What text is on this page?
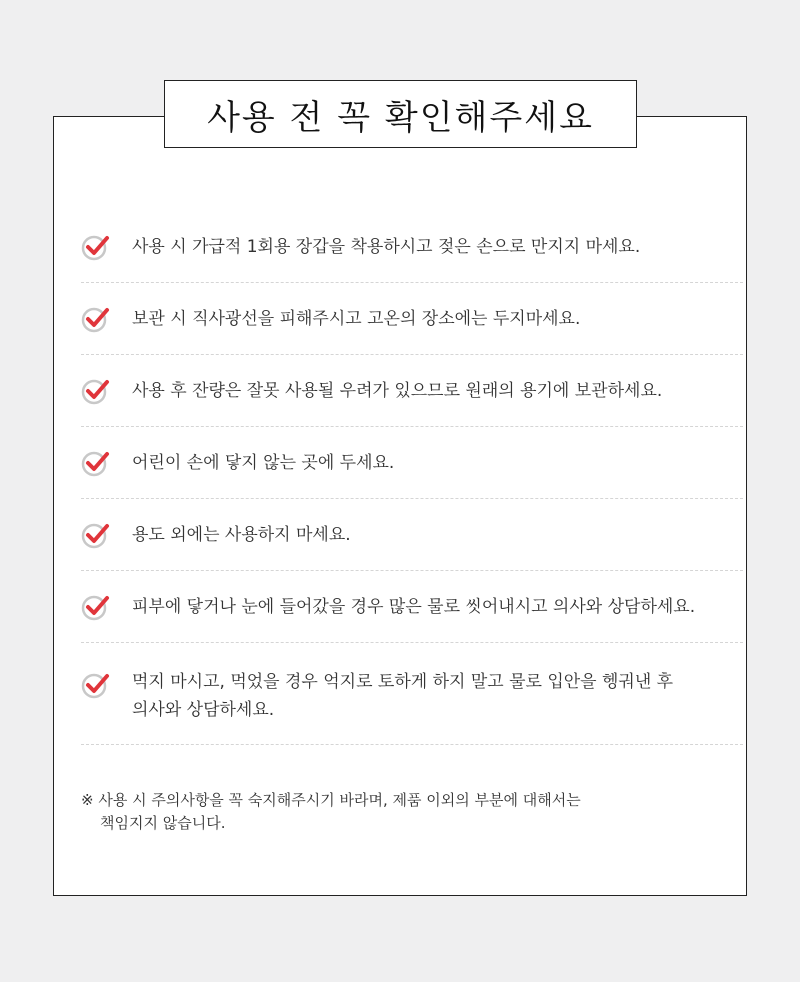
사용 시 가급적 1회용 장갑을 착용하시고 젖은 손으로 만지지 마세요.
보관 시 직사광선을 피해주시고 고온의 장소에는 두지마세요.
사용 후 잔량은 잘못 사용될 우려가 있으므로 원래의 용기에 보관하세요.
어린이 손에 닿지 않는 곳에 두세요.
용도 외에는 사용하지 마세요.
피부에 닿거나 눈에 들어갔을 경우 많은 물로 씻어내시고 의사와 상담하세요.
먹지 마시고, 먹었을 경우 억지로 토하게 하지 말고 물로 입안을 헹궈낸 후
의사와 상담하세요.
※ 사용 시 주의사항을 꼭 숙지해주시기 바라며, 제품 이외의 부분에 대해서는
책임지지 않습니다.
사용 전 꼭 확인해주세요
